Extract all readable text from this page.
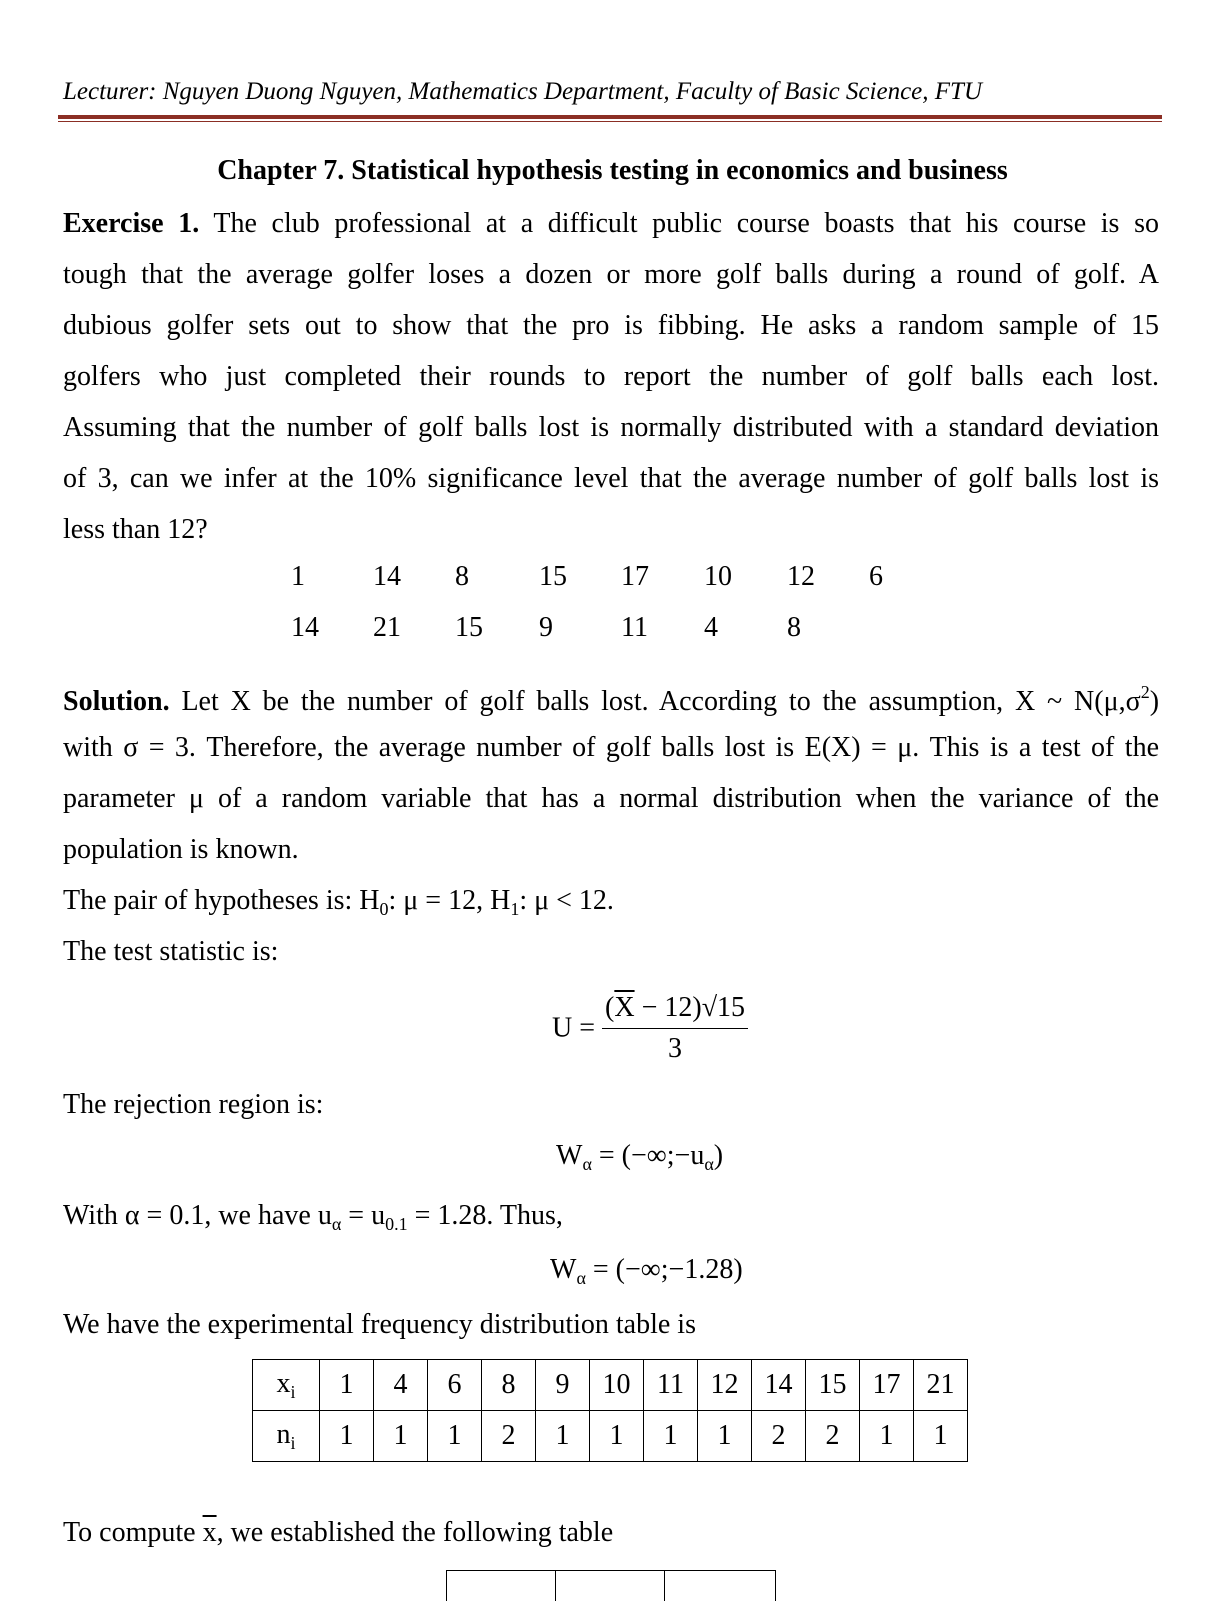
Lecturer: Nguyen Duong Nguyen, Mathematics Department, Faculty of Basic Science, FTU
Chapter 7. Statistical hypothesis testing in economics and business
Exercise 1. The club professional at a difficult public course boasts that his course is so
tough that the average golfer loses a dozen or more golf balls during a round of golf. A
dubious golfer sets out to show that the pro is fibbing. He asks a random sample of 15
golfers who just completed their rounds to report the number of golf balls each lost.
Assuming that the number of golf balls lost is normally distributed with a standard deviation
of 3, can we infer at the 10% significance level that the average number of golf balls lost is
less than 12?
1 14 8	15 17 10 12 6
14 21 15 9 11 4 8
Solution. Let X be the number of golf balls lost. According to the assumption, X ~ $N(\mu,\sigma^2)$
with σ = 3. Therefore, the average number of golf balls lost is E(X) = μ. This is a test of the
parameter μ of a random variable that has a normal distribution when the variance of the
population is known.
The pair of hypotheses is: $H_0$: μ = 12, $H_1$: μ < 12.
The test statistic is:
$U = \frac{(\overline{X} - 12)√15}{3}$
The rejection region is:
$W_\alpha$ = $(-\infty;-u_\alpha)$
With α = 0.1, we have $u_\alpha = u_{0.1} = 1.28$. Thus,
$W_\alpha$ = (−∞;−1.28)
We have the experimental frequency distribution table is
$x_i$	1	4	6	8	9	10	11	12	14	15	17	21
$n_i$	1	1	1	2	1	1	1	1	2	2	1	1
To compute $\overline{x}$, we established the following table
